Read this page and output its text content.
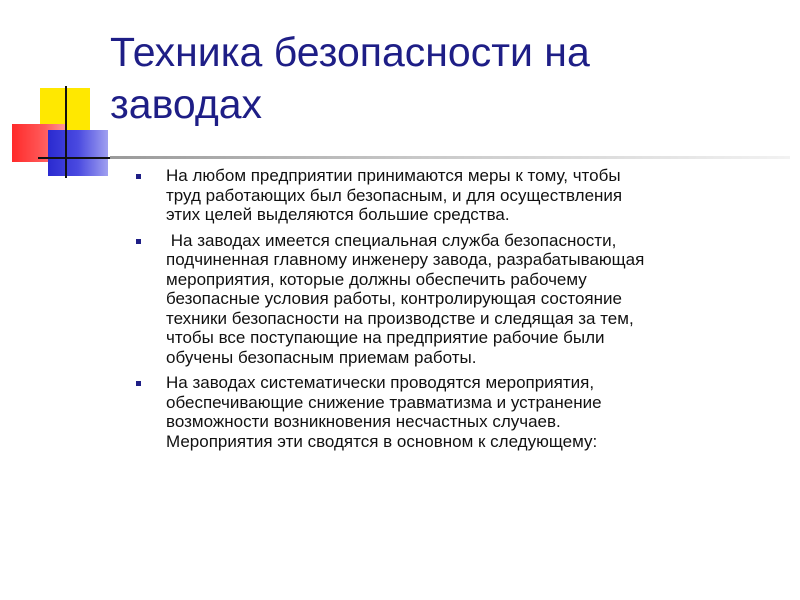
Техника безопасности на заводах
На любом предприятии принимаются меры к тому, чтобы труд работающих был безопасным, и для осуществления этих целей выделяются большие средства.
На заводах имеется специальная служба безопасности, подчиненная главному инженеру завода, разрабатывающая мероприятия, которые должны обеспечить рабочему безопасные условия работы, контролирующая состояние техники безопасности на производстве и следящая за тем, чтобы все поступающие на предприятие рабочие были обучены безопасным приемам работы.
На заводах систематически проводятся мероприятия, обеспечивающие снижение травматизма и устранение возможности возникновения несчастных случаев. Мероприятия эти сводятся в основном к следующему:
